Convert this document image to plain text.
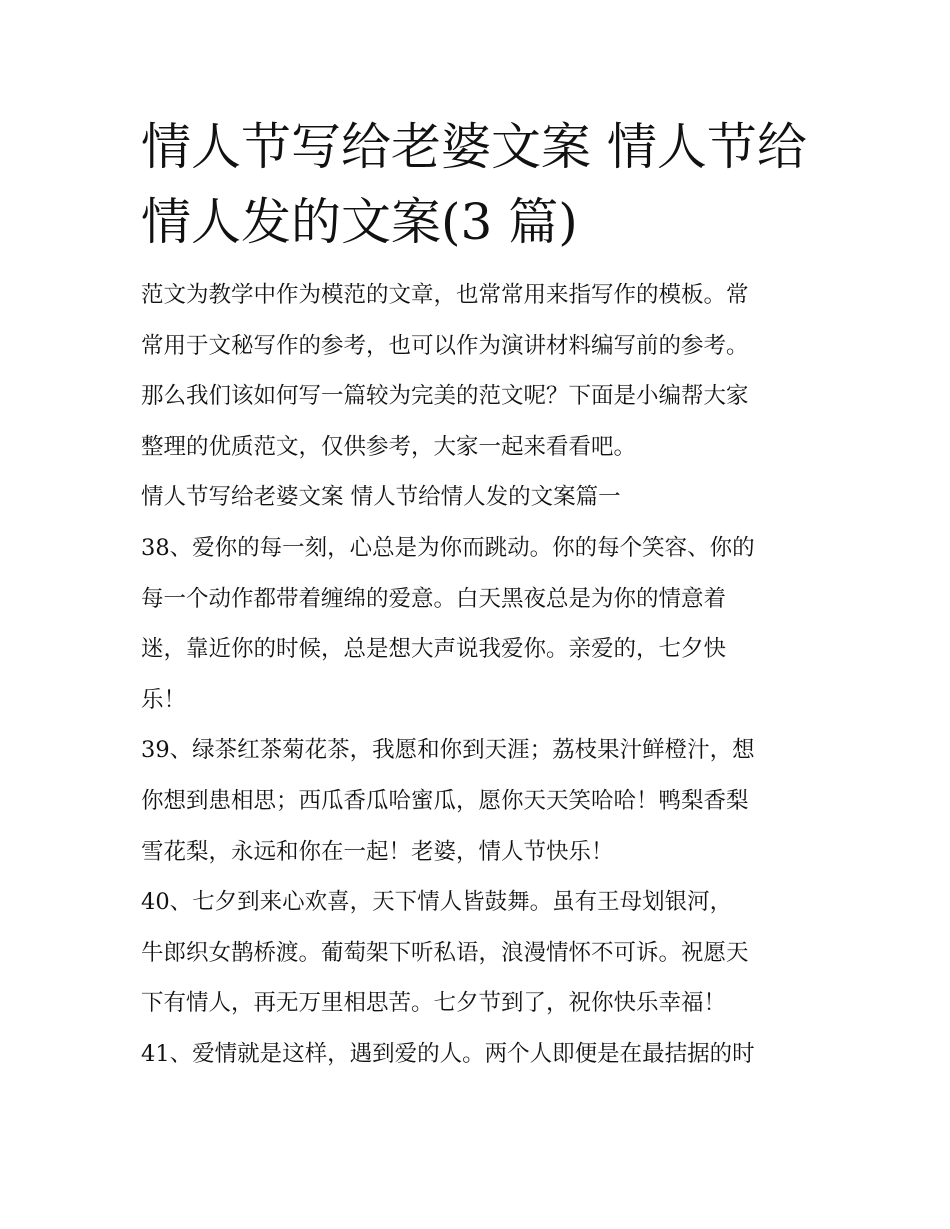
情人节写给老婆文案 情人节给
情人发的文案(3 篇)
范文为教学中作为模范的文章，也常常用来指写作的模板。常
常用于文秘写作的参考，也可以作为演讲材料编写前的参考。
那么我们该如何写一篇较为完美的范文呢？下面是小编帮大家
整理的优质范文，仅供参考，大家一起来看看吧。
情人节写给老婆文案 情人节给情人发的文案篇一
38、爱你的每一刻，心总是为你而跳动。你的每个笑容、你的
每一个动作都带着缠绵的爱意。白天黑夜总是为你的情意着
迷，靠近你的时候，总是想大声说我爱你。亲爱的，七夕快
乐！
39、绿茶红茶菊花茶，我愿和你到天涯；荔枝果汁鲜橙汁，想
你想到患相思；西瓜香瓜哈蜜瓜，愿你天天笑哈哈！鸭梨香梨
雪花梨，永远和你在一起！老婆，情人节快乐！
40、七夕到来心欢喜，天下情人皆鼓舞。虽有王母划银河，
牛郎织女鹊桥渡。葡萄架下听私语，浪漫情怀不可诉。祝愿天
下有情人，再无万里相思苦。七夕节到了，祝你快乐幸福！
41、爱情就是这样，遇到爱的人。两个人即便是在最拮据的时
